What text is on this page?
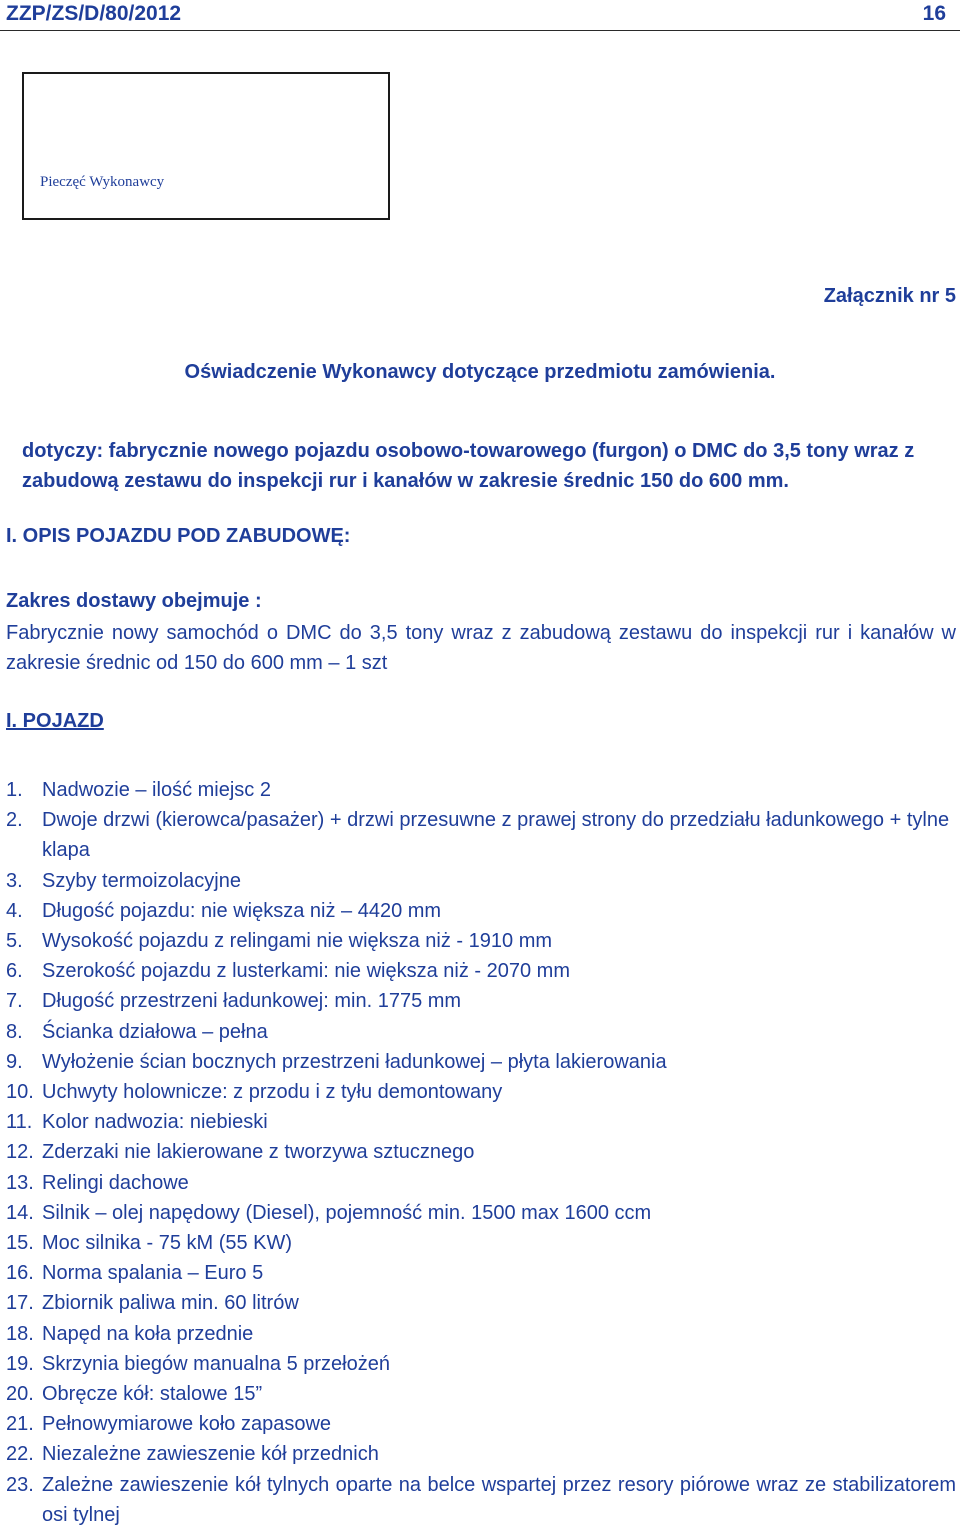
ZZP/ZS/D/80/2012	16
Pieczęć Wykonawcy
Załącznik nr 5
Oświadczenie Wykonawcy dotyczące przedmiotu zamówienia.
dotyczy: fabrycznie nowego pojazdu osobowo-towarowego (furgon) o DMC do 3,5 tony wraz z zabudową zestawu do inspekcji rur i kanałów w zakresie średnic 150 do 600 mm.
I. OPIS POJAZDU POD ZABUDOWĘ:
Zakres dostawy obejmuje :
Fabrycznie nowy samochód o DMC do 3,5 tony wraz z zabudową zestawu do inspekcji rur i kanałów w zakresie średnic od 150 do 600 mm – 1 szt
I. POJAZD
1. Nadwozie – ilość miejsc 2
2. Dwoje drzwi (kierowca/pasażer) + drzwi przesuwne z prawej strony do przedziału ładunkowego + tylne klapa
3. Szyby termoizolacyjne
4. Długość pojazdu: nie większa niż – 4420 mm
5. Wysokość pojazdu z relingami nie większa niż - 1910 mm
6. Szerokość pojazdu z lusterkami: nie większa niż - 2070 mm
7. Długość przestrzeni ładunkowej: min. 1775 mm
8. Ścianka działowa – pełna
9. Wyłożenie ścian bocznych przestrzeni ładunkowej – płyta lakierowania
10. Uchwyty holownicze: z przodu i z tyłu demontowany
11. Kolor nadwozia: niebieski
12. Zderzaki nie lakierowane z tworzywa sztucznego
13. Relingi dachowe
14. Silnik – olej napędowy (Diesel), pojemność min. 1500 max 1600 ccm
15. Moc silnika - 75 kM (55 KW)
16. Norma spalania – Euro 5
17. Zbiornik paliwa min. 60 litrów
18. Napęd na koła przednie
19. Skrzynia biegów manualna 5 przełożeń
20. Obręcze kół: stalowe 15”
21. Pełnowymiarowe koło zapasowe
22. Niezależne zawieszenie kół przednich
23. Zależne zawieszenie kół tylnych oparte na belce wspartej przez resory piórowe wraz ze stabilizatorem osi tylnej
